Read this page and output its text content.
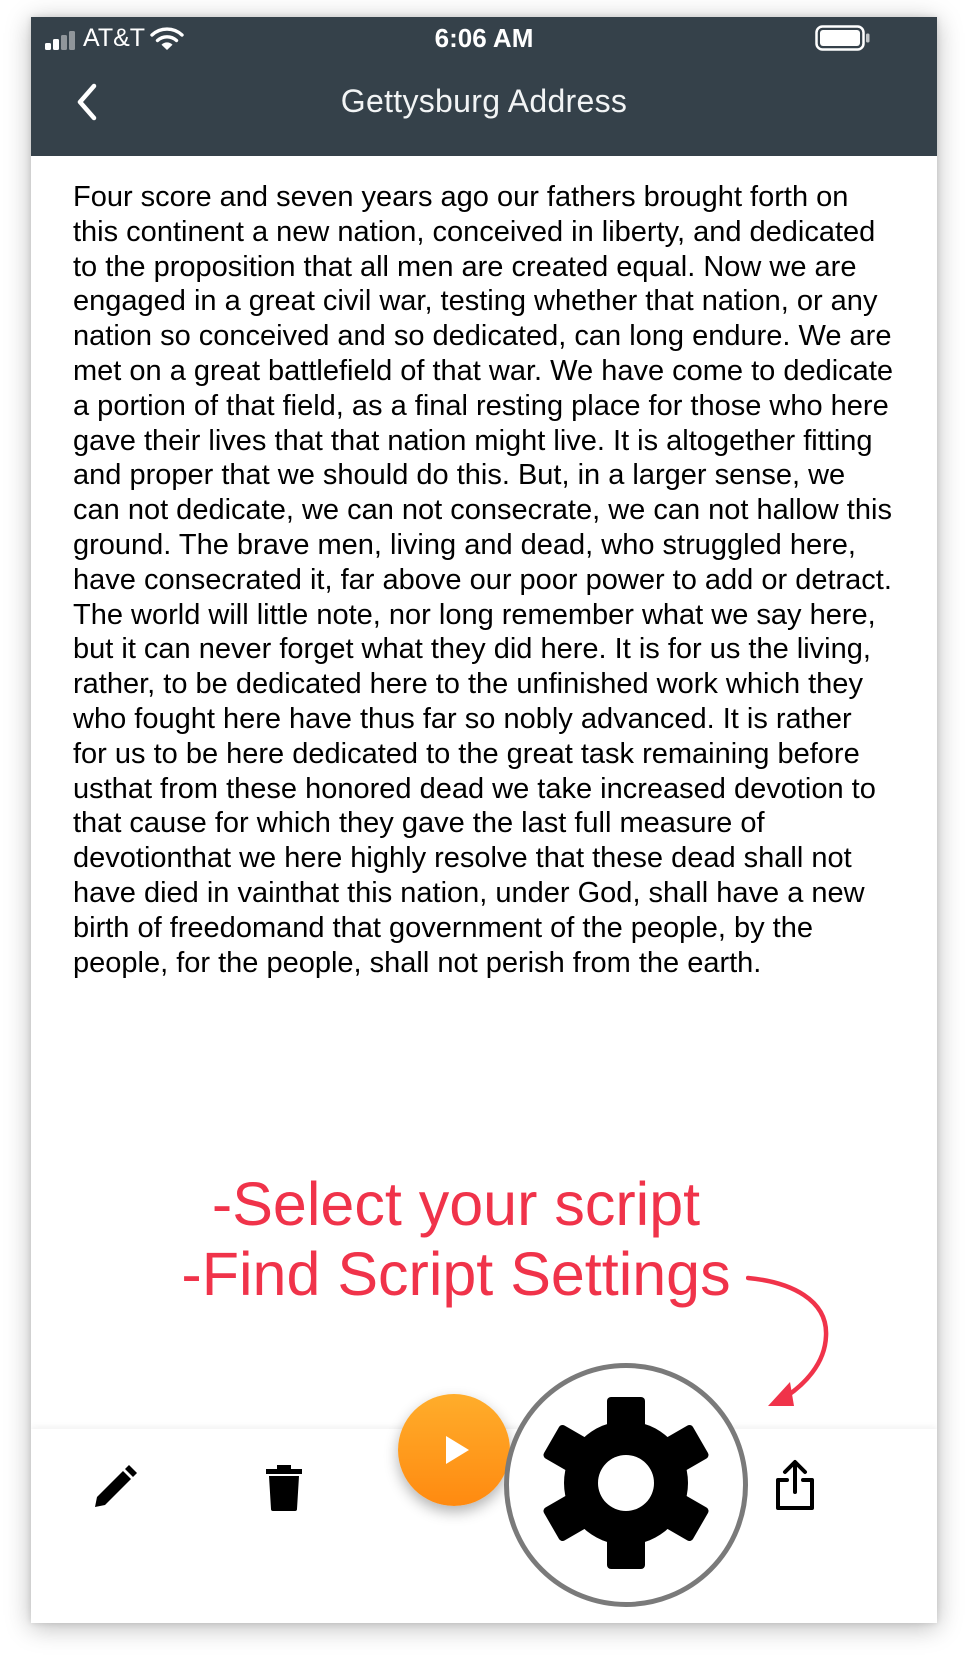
AT&T	6:06 AM
Gettysburg Address

Four score and seven years ago our fathers brought forth on this continent a new nation, conceived in liberty, and dedicated to the proposition that all men are created equal. Now we are engaged in a great civil war, testing whether that nation, or any nation so conceived and so dedicated, can long endure. We are met on a great battlefield of that war. We have come to dedicate a portion of that field, as a final resting place for those who here gave their lives that that nation might live. It is altogether fitting and proper that we should do this. But, in a larger sense, we can not dedicate, we can not consecrate, we can not hallow this ground. The brave men, living and dead, who struggled here, have consecrated it, far above our poor power to add or detract. The world will little note, nor long remember what we say here, but it can never forget what they did here. It is for us the living, rather, to be dedicated here to the unfinished work which they who fought here have thus far so nobly advanced. It is rather for us to be here dedicated to the great task remaining before usthat from these honored dead we take increased devotion to that cause for which they gave the last full measure of devotionthat we here highly resolve that these dead shall not have died in vainthat this nation, under God, shall have a new birth of freedomand that government of the people, by the people, for the people, shall not perish from the earth.

-Select your script
-Find Script Settings
